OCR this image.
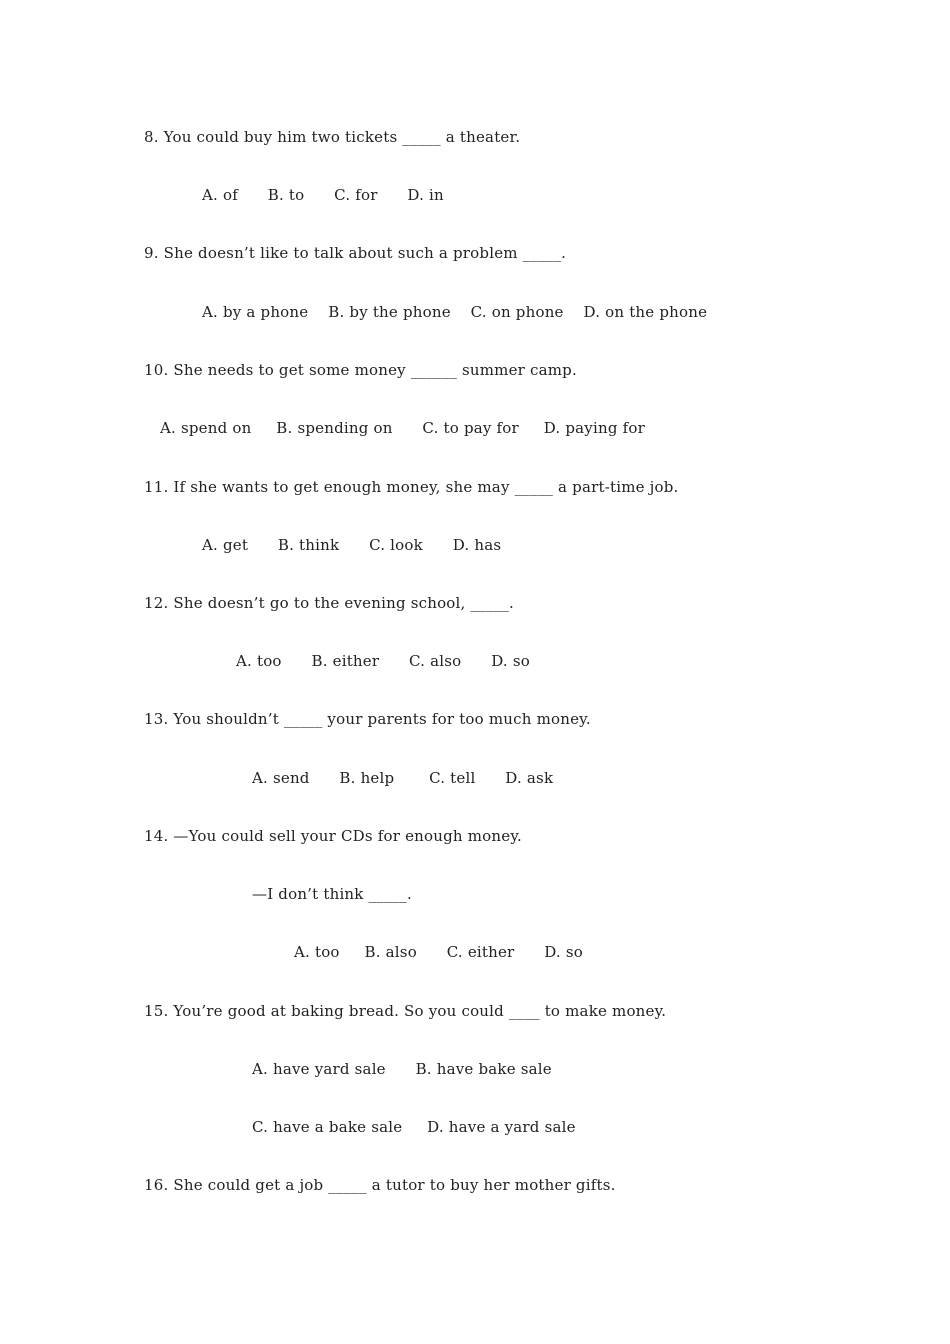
8. You could buy him two tickets _____ a theater.
A. of      B. to      C. for      D. in
9. She doesn’t like to talk about such a problem _____.
A. by a phone    B. by the phone    C. on phone    D. on the phone
10. She needs to get some money ______ summer camp.
A. spend on     B. spending on      C. to pay for     D. paying for
11. If she wants to get enough money, she may _____ a part-time job.
A. get      B. think      C. look      D. has
12. She doesn’t go to the evening school, _____.
A. too      B. either      C. also      D. so
13. You shouldn’t _____ your parents for too much money.
A. send      B. help       C. tell      D. ask
14. —You could sell your CDs for enough money.
—I don’t think _____.
A. too     B. also      C. either      D. so
15. You’re good at baking bread. So you could ____ to make money.
A. have yard sale      B. have bake sale
C. have a bake sale     D. have a yard sale
16. She could get a job _____ a tutor to buy her mother gifts.
